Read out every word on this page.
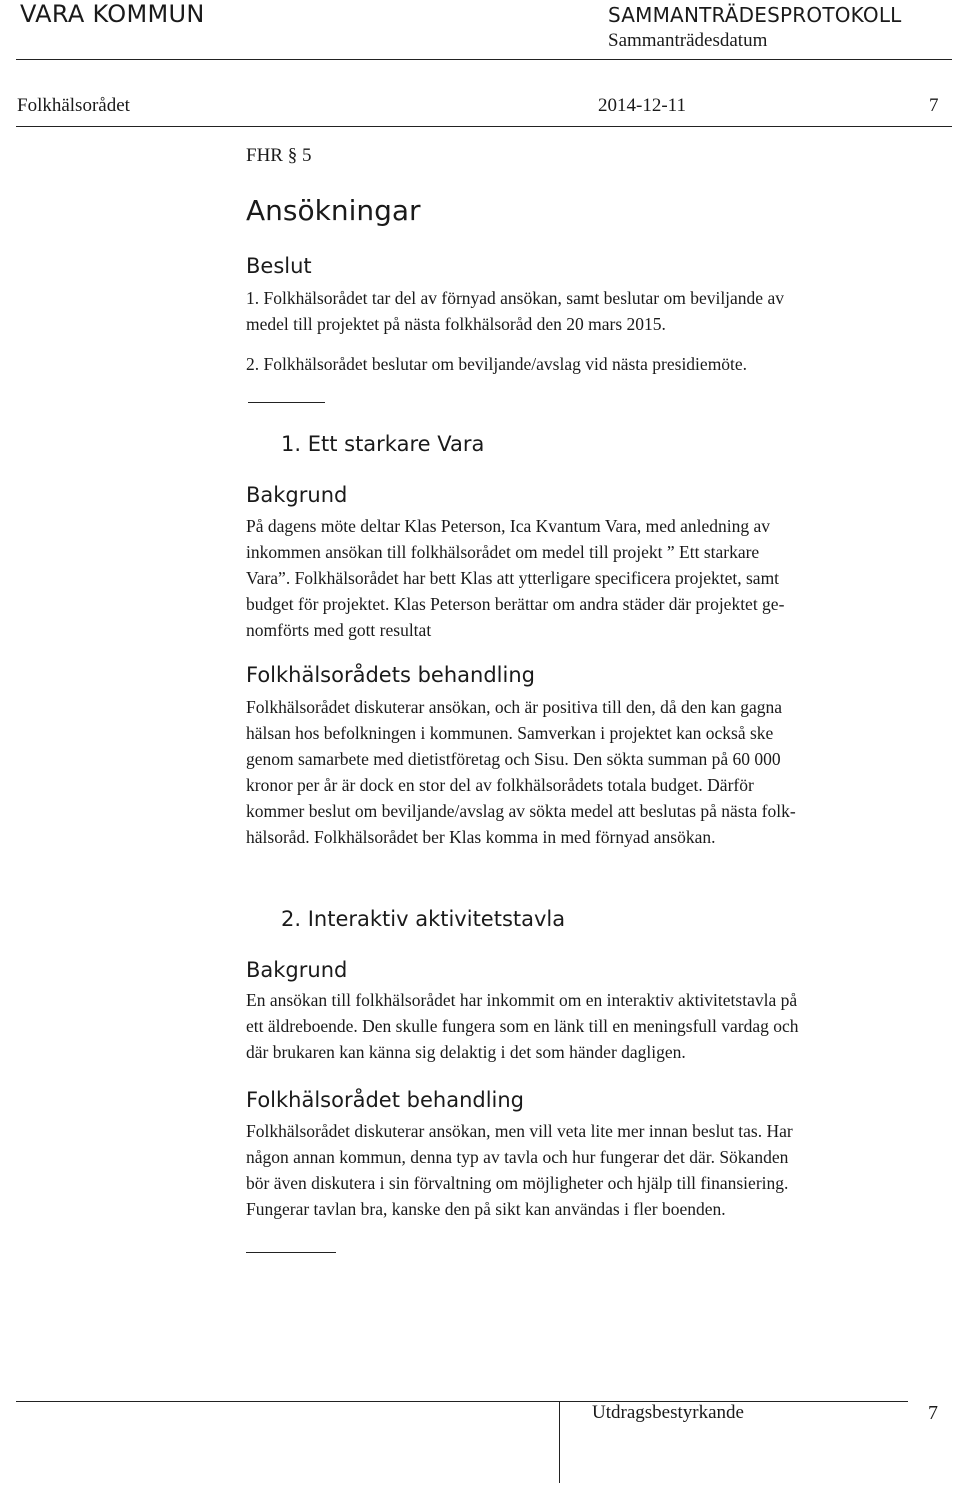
VARA KOMMUN	SAMMANTRÄDESPROTOKOLL
Sammanträdesdatum
Folkhälsorådet	2014-12-11	7
FHR § 5
Ansökningar
Beslut

1. Folkhälsorådet tar del av förnyad ansökan, samt beslutar om beviljande av
medel till projektet på nästa folkhälsoråd den 20 mars 2015.

2. Folkhälsorådet beslutar om beviljande/avslag vid nästa presidiemöte.

1. Ett starkare Vara
Bakgrund

På dagens möte deltar Klas Peterson, Ica Kvantum Vara, med anledning av
inkommen ansökan till folkhälsorådet om medel till projekt ” Ett starkare
Vara”. Folkhälsorådet har bett Klas att ytterligare specificera projektet, samt
budget för projektet. Klas Peterson berättar om andra städer där projektet ge-
nomförts med gott resultat

Folkhälsorådets behandling

Folkhälsorådet diskuterar ansökan, och är positiva till den, då den kan gagna
hälsan hos befolkningen i kommunen. Samverkan i projektet kan också ske
genom samarbete med dietistföretag och Sisu. Den sökta summan på 60 000
kronor per år är dock en stor del av folkhälsorådets totala budget. Därför
kommer beslut om beviljande/avslag av sökta medel att beslutas på nästa folk-
hälsoråd. Folkhälsorådet ber Klas komma in med förnyad ansökan.

2. Interaktiv aktivitetstavla
Bakgrund

En ansökan till folkhälsorådet har inkommit om en interaktiv aktivitetstavla på
ett äldreboende. Den skulle fungera som en länk till en meningsfull vardag och
där brukaren kan känna sig delaktig i det som händer dagligen.

Folkhälsorådet behandling

Folkhälsorådet diskuterar ansökan, men vill veta lite mer innan beslut tas. Har
någon annan kommun, denna typ av tavla och hur fungerar det där. Sökanden
bör även diskutera i sin förvaltning om möjligheter och hjälp till finansiering.
Fungerar tavlan bra, kanske den på sikt kan användas i fler boenden.

Utdragsbestyrkande	7
